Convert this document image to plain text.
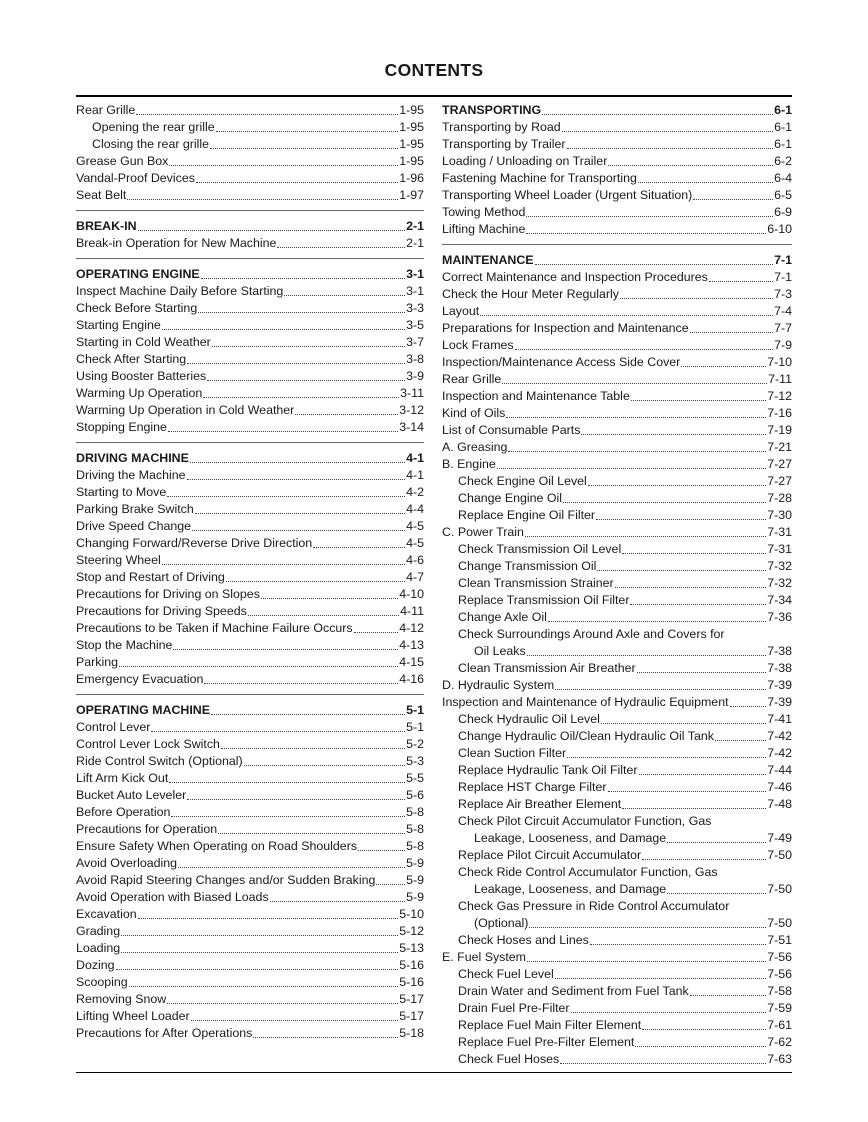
CONTENTS
Rear Grille	1-95
Opening the rear grille	1-95
Closing the rear grille	1-95
Grease Gun Box	1-95
Vandal-Proof Devices	1-96
Seat Belt	1-97
BREAK-IN	2-1
Break-in Operation for New Machine	2-1
OPERATING ENGINE	3-1
Inspect Machine Daily Before Starting	3-1
Check Before Starting	3-3
Starting Engine	3-5
Starting in Cold Weather	3-7
Check After Starting	3-8
Using Booster Batteries	3-9
Warming Up Operation	3-11
Warming Up Operation in Cold Weather	3-12
Stopping Engine	3-14
DRIVING MACHINE	4-1
Driving the Machine	4-1
Starting to Move	4-2
Parking Brake Switch	4-4
Drive Speed Change	4-5
Changing Forward/Reverse Drive Direction	4-5
Steering Wheel	4-6
Stop and Restart of Driving	4-7
Precautions for Driving on Slopes	4-10
Precautions for Driving Speeds	4-11
Precautions to be Taken if Machine Failure Occurs	4-12
Stop the Machine	4-13
Parking	4-15
Emergency Evacuation	4-16
OPERATING MACHINE	5-1
Control Lever	5-1
Control Lever Lock Switch	5-2
Ride Control Switch (Optional)	5-3
Lift Arm Kick Out	5-5
Bucket Auto Leveler	5-6
Before Operation	5-8
Precautions for Operation	5-8
Ensure Safety When Operating on Road Shoulders	5-8
Avoid Overloading	5-9
Avoid Rapid Steering Changes and/or Sudden Braking 5-9
Avoid Operation with Biased Loads	5-9
Excavation	5-10
Grading	5-12
Loading	5-13
Dozing	5-16
Scooping	5-16
Removing Snow	5-17
Lifting Wheel Loader	5-17
Precautions for After Operations	5-18
TRANSPORTING	6-1
Transporting by Road	6-1
Transporting by Trailer	6-1
Loading / Unloading on Trailer	6-2
Fastening Machine for Transporting	6-4
Transporting Wheel Loader (Urgent Situation)	6-5
Towing Method	6-9
Lifting Machine	6-10
MAINTENANCE	7-1
Correct Maintenance and Inspection Procedures	7-1
Check the Hour Meter Regularly	7-3
Layout	7-4
Preparations for Inspection and Maintenance	7-7
Lock Frames	7-9
Inspection/Maintenance Access Side Cover	7-10
Rear Grille	7-11
Inspection and Maintenance Table	7-12
Kind of Oils	7-16
List of Consumable Parts	7-19
A. Greasing	7-21
B. Engine	7-27
Check Engine Oil Level	7-27
Change Engine Oil	7-28
Replace Engine Oil Filter	7-30
C. Power Train	7-31
Check Transmission Oil Level	7-31
Change Transmission Oil	7-32
Clean Transmission Strainer	7-32
Replace Transmission Oil Filter	7-34
Change Axle Oil	7-36
Check Surroundings Around Axle and Covers for
Oil Leaks	7-38
Clean Transmission Air Breather	7-38
D. Hydraulic System	7-39
Inspection and Maintenance of Hydraulic Equipment	7-39
Check Hydraulic Oil Level	7-41
Change Hydraulic Oil/Clean Hydraulic Oil Tank	7-42
Clean Suction Filter	7-42
Replace Hydraulic Tank Oil Filter	7-44
Replace HST Charge Filter	7-46
Replace Air Breather Element	7-48
Check Pilot Circuit Accumulator Function, Gas
Leakage, Looseness, and Damage	7-49
Replace Pilot Circuit Accumulator	7-50
Check Ride Control Accumulator Function, Gas
Leakage, Looseness, and Damage	7-50
Check Gas Pressure in Ride Control Accumulator
(Optional)	7-50
Check Hoses and Lines	7-51
E. Fuel System	7-56
Check Fuel Level	7-56
Drain Water and Sediment from Fuel Tank	7-58
Drain Fuel Pre-Filter	7-59
Replace Fuel Main Filter Element	7-61
Replace Fuel Pre-Filter Element	7-62
Check Fuel Hoses	7-63
